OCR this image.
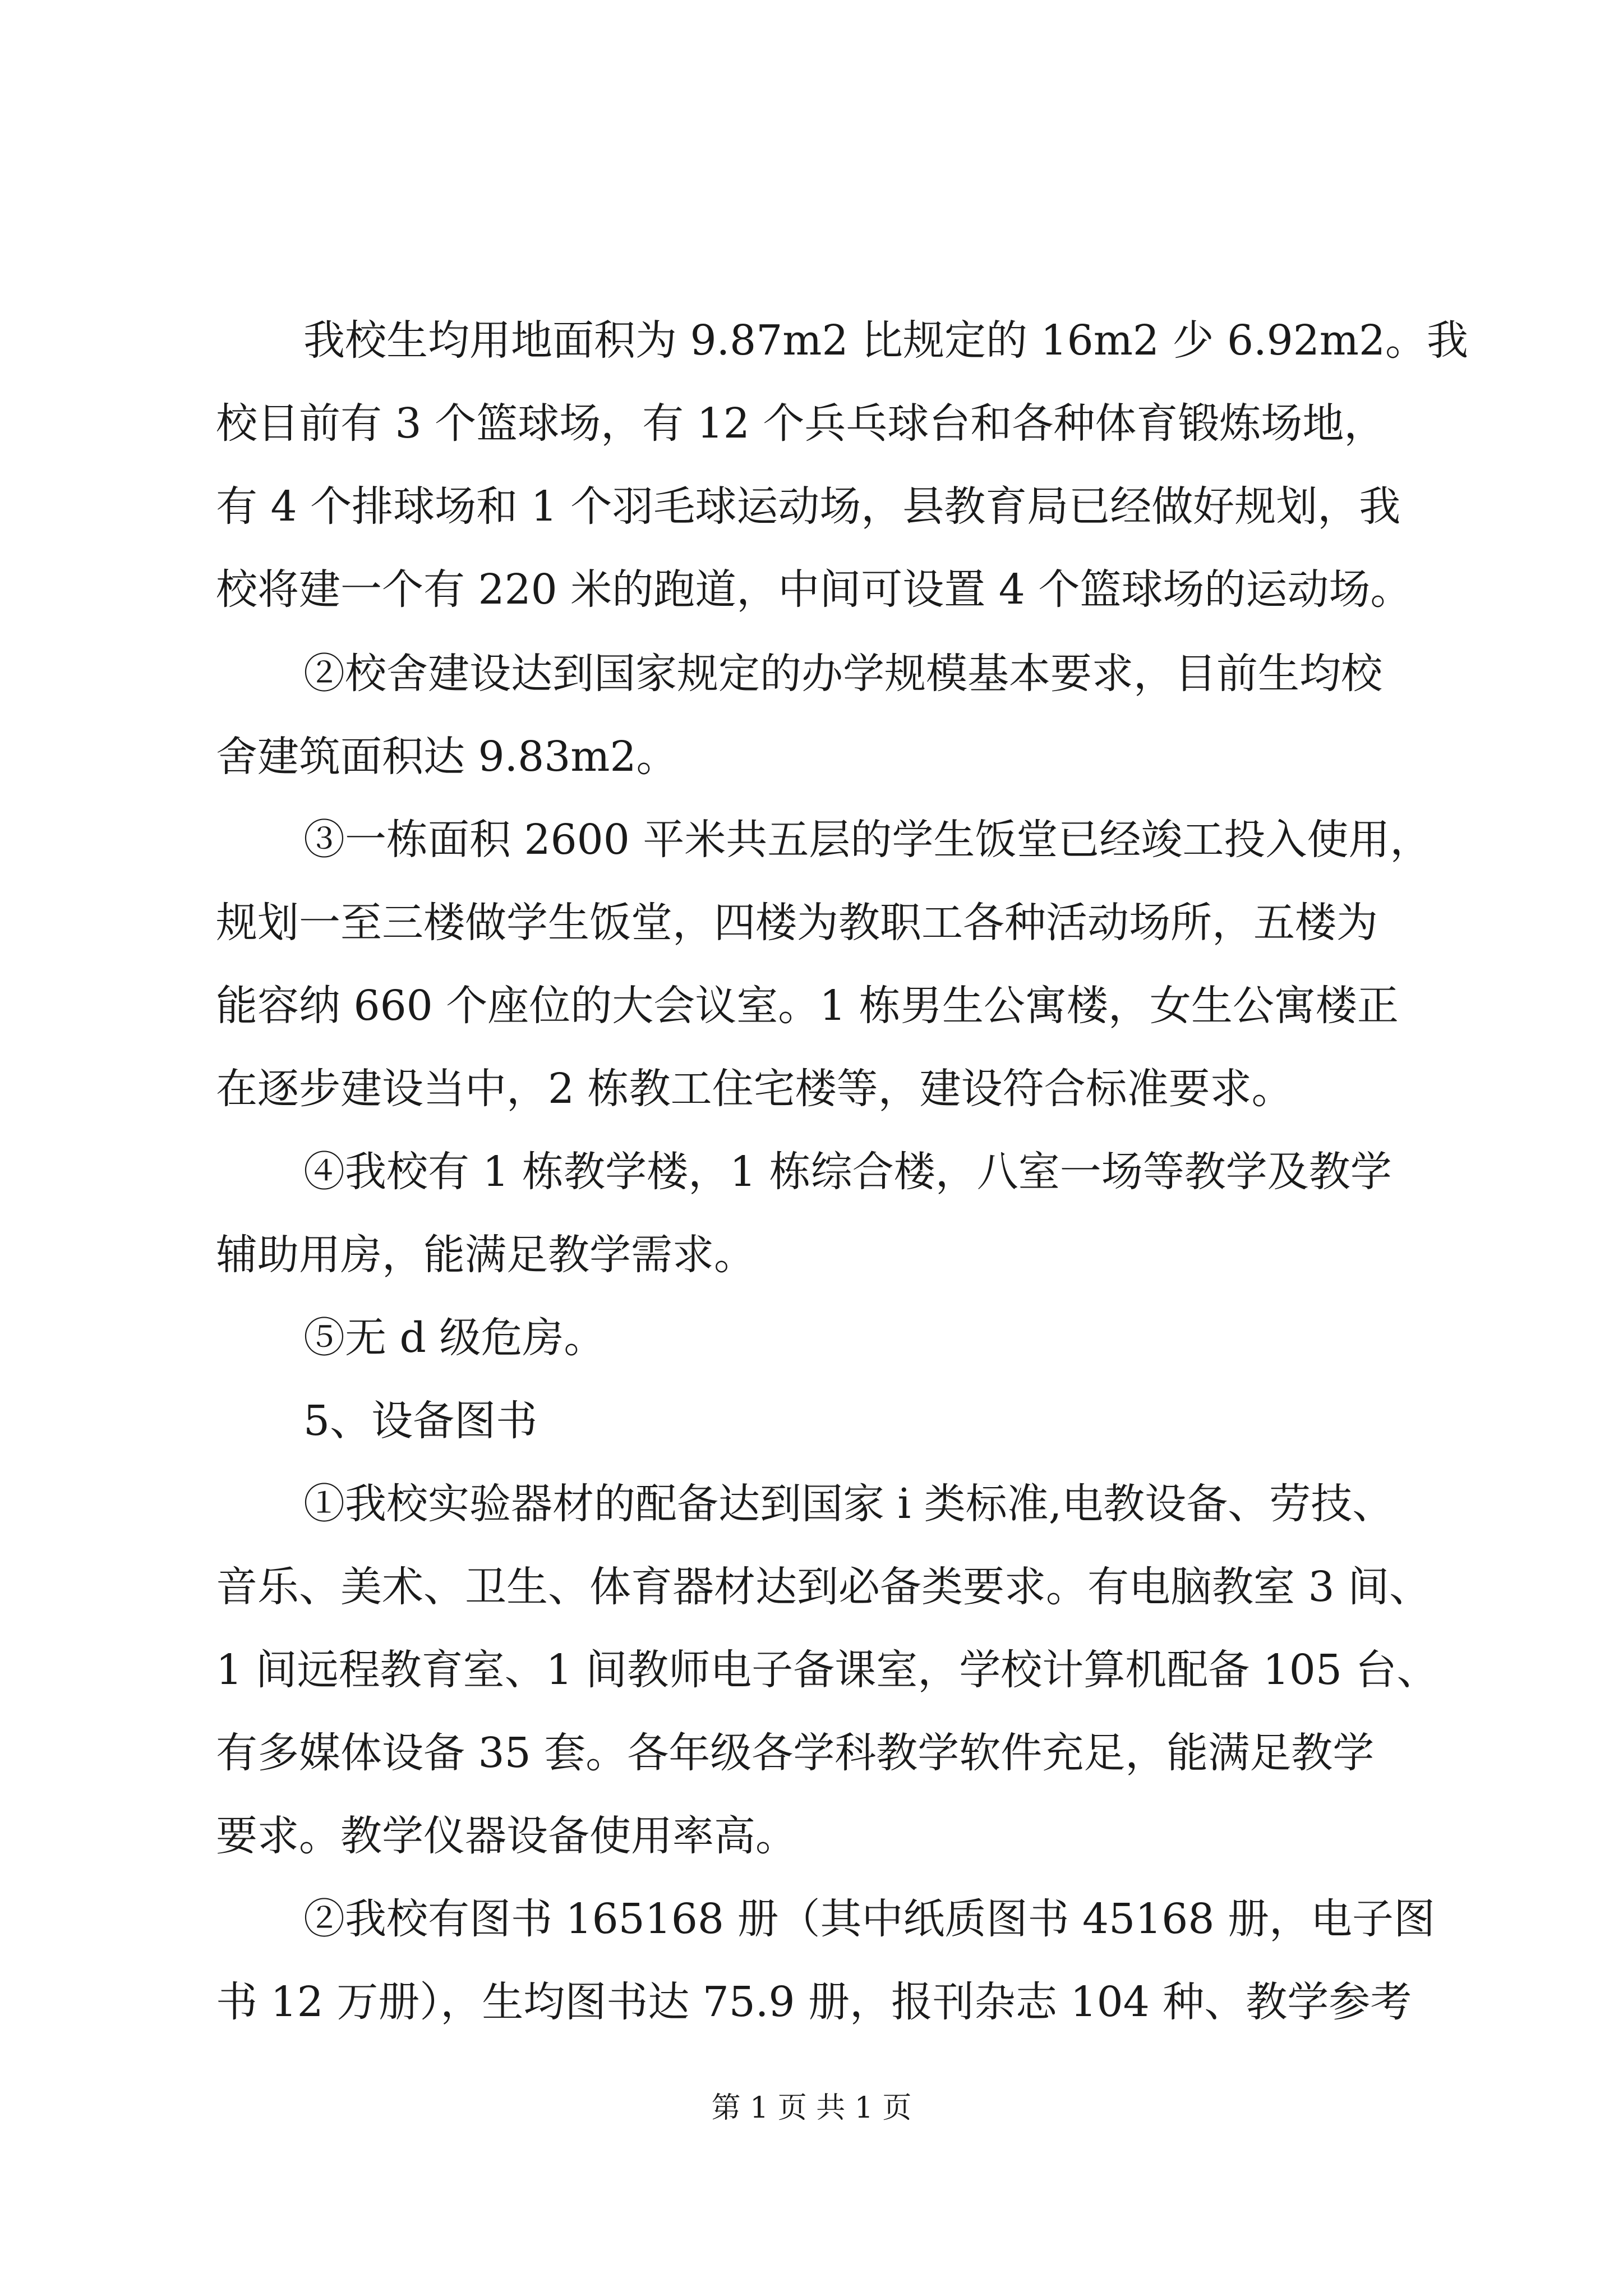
我校生均用地面积为 9.87m2 比规定的 16m2 少 6.92m2。我
校目前有 3 个篮球场，有 12 个兵乓球台和各种体育锻炼场地，
有 4 个排球场和 1 个羽毛球运动场，县教育局已经做好规划，我
校将建一个有 220 米的跑道，中间可设置 4 个篮球场的运动场。
②校舍建设达到国家规定的办学规模基本要求，目前生均校
舍建筑面积达 9.83m2。
③一栋面积 2600 平米共五层的学生饭堂已经竣工投入使用，
规划一至三楼做学生饭堂，四楼为教职工各种活动场所，五楼为
能容纳 660 个座位的大会议室。1 栋男生公寓楼，女生公寓楼正
在逐步建设当中，2 栋教工住宅楼等，建设符合标准要求。
④我校有 1 栋教学楼，1 栋综合楼，八室一场等教学及教学
辅助用房，能满足教学需求。
⑤无 d 级危房。
5、设备图书
①我校实验器材的配备达到国家 i 类标准,电教设备、劳技、
音乐、美术、卫生、体育器材达到必备类要求。有电脑教室 3 间、
1 间远程教育室、1 间教师电子备课室，学校计算机配备 105 台、
有多媒体设备 35 套。各年级各学科教学软件充足，能满足教学
要求。教学仪器设备使用率高。
②我校有图书 165168 册（其中纸质图书 45168 册，电子图
书 12 万册），生均图书达 75.9 册，报刊杂志 104 种、教学参考
第 1 页 共 1 页
